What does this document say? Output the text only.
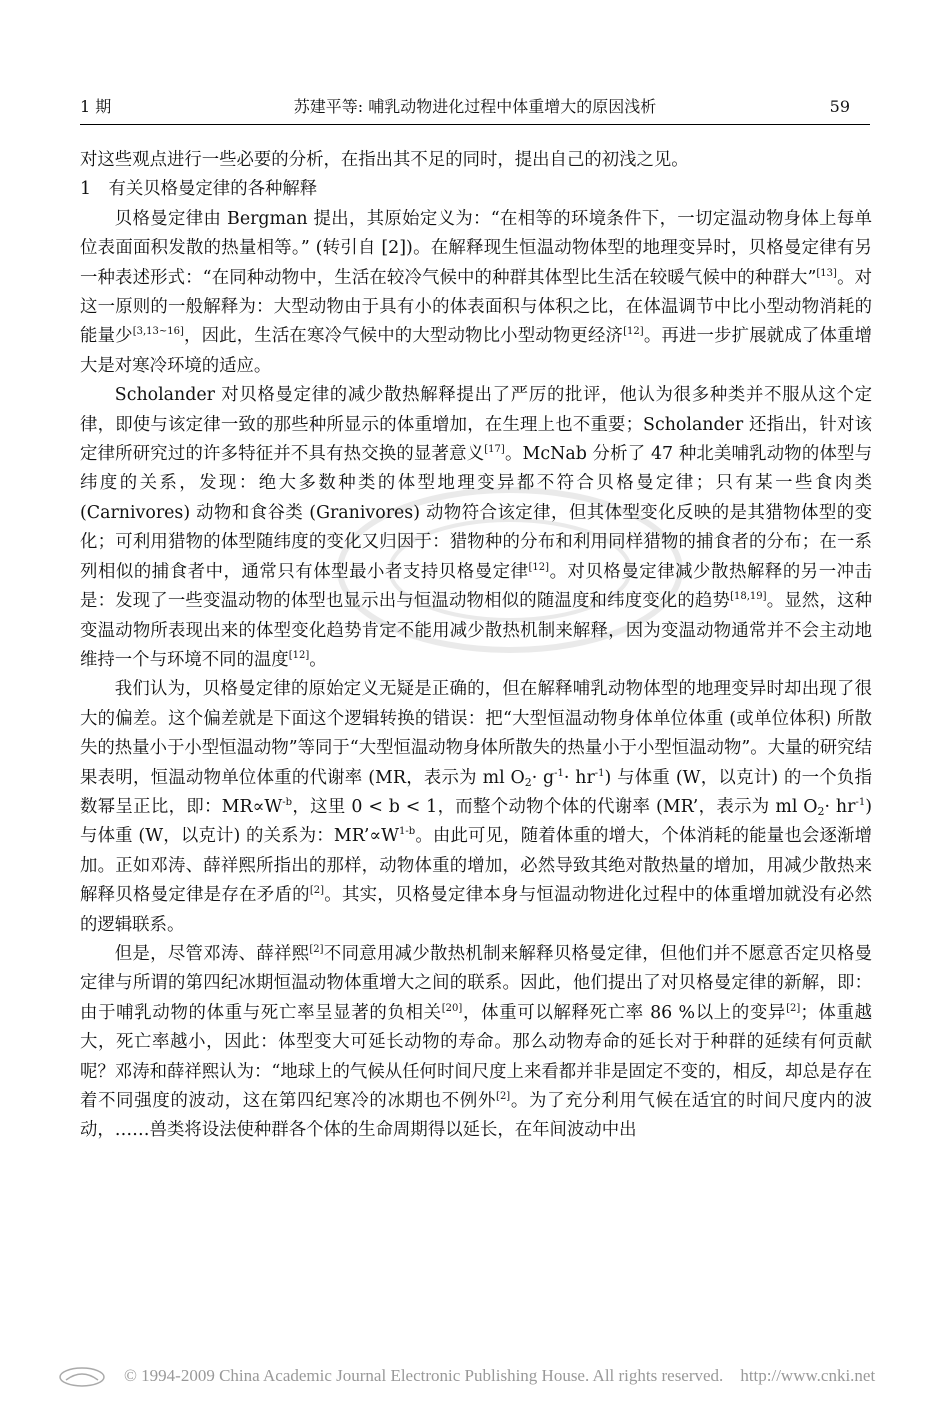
1 期	苏建平等: 哺乳动物进化过程中体重增大的原因浅析	59

对这些观点进行一些必要的分析，在指出其不足的同时，提出自己的初浅之见。

1　有关贝格曼定律的各种解释

贝格曼定律由 Bergman 提出，其原始定义为：“在相等的环境条件下，一切定温动物身体上每单位表面面积发散的热量相等。” (转引自 [2])。在解释现生恒温动物体型的地理变异时，贝格曼定律有另一种表述形式：“在同种动物中，生活在较冷气候中的种群其体型比生活在较暖气候中的种群大”[13]。对这一原则的一般解释为：大型动物由于具有小的体表面积与体积之比，在体温调节中比小型动物消耗的能量少[3,13~16]，因此，生活在寒冷气候中的大型动物比小型动物更经济[12]。再进一步扩展就成了体重增大是对寒冷环境的适应。

Scholander 对贝格曼定律的减少散热解释提出了严厉的批评，他认为很多种类并不服从这个定律，即使与该定律一致的那些种所显示的体重增加，在生理上也不重要；Scholander 还指出，针对该定律所研究过的许多特征并不具有热交换的显著意义[17]。McNab 分析了 47 种北美哺乳动物的体型与纬度的关系，发现：绝大多数种类的体型地理变异都不符合贝格曼定律；只有某一些食肉类 (Carnivores) 动物和食谷类 (Granivores) 动物符合该定律，但其体型变化反映的是其猎物体型的变化；可利用猎物的体型随纬度的变化又归因于：猎物种的分布和利用同样猎物的捕食者的分布；在一系列相似的捕食者中，通常只有体型最小者支持贝格曼定律[12]。对贝格曼定律减少散热解释的另一冲击是：发现了一些变温动物的体型也显示出与恒温动物相似的随温度和纬度变化的趋势[18,19]。显然，这种变温动物所表现出来的体型变化趋势肯定不能用减少散热机制来解释，因为变温动物通常并不会主动地维持一个与环境不同的温度[12]。

我们认为，贝格曼定律的原始定义无疑是正确的，但在解释哺乳动物体型的地理变异时却出现了很大的偏差。这个偏差就是下面这个逻辑转换的错误：把“大型恒温动物身体单位体重 (或单位体积) 所散失的热量小于小型恒温动物”等同于“大型恒温动物身体所散失的热量小于小型恒温动物”。大量的研究结果表明，恒温动物单位体重的代谢率 (MR，表示为 ml $O_2\cdot g^{-1}\cdot hr^{-1}$) 与体重 (W，以克计) 的一个负指数幂呈正比，即：$MR\propto W^{-b}$，这里 0 < b < 1，而整个动物个体的代谢率 (MR’，表示为 ml $O_2\cdot hr^{-1}$) 与体重 (W，以克计) 的关系为：$MR’\propto W^{1-b}$。由此可见，随着体重的增大，个体消耗的能量也会逐渐增加。正如邓涛、薛祥熙所指出的那样，动物体重的增加，必然导致其绝对散热量的增加，用减少散热来解释贝格曼定律是存在矛盾的[2]。其实，贝格曼定律本身与恒温动物进化过程中的体重增加就没有必然的逻辑联系。

但是，尽管邓涛、薛祥熙[2]不同意用减少散热机制来解释贝格曼定律，但他们并不愿意否定贝格曼定律与所谓的第四纪冰期恒温动物体重增大之间的联系。因此，他们提出了对贝格曼定律的新解，即：由于哺乳动物的体重与死亡率呈显著的负相关[20]，体重可以解释死亡率 86 %以上的变异[2]；体重越大，死亡率越小，因此：体型变大可延长动物的寿命。那么动物寿命的延长对于种群的延续有何贡献呢？邓涛和薛祥熙认为：“地球上的气候从任何时间尺度上来看都并非是固定不变的，相反，却总是存在着不同强度的波动，这在第四纪寒冷的冰期也不例外[2]。为了充分利用气候在适宜的时间尺度内的波动，……兽类将设法使种群各个体的生命周期得以延长，在年间波动中出

© 1994-2009 China Academic Journal Electronic Publishing House. All rights reserved. http://www.cnki.net
